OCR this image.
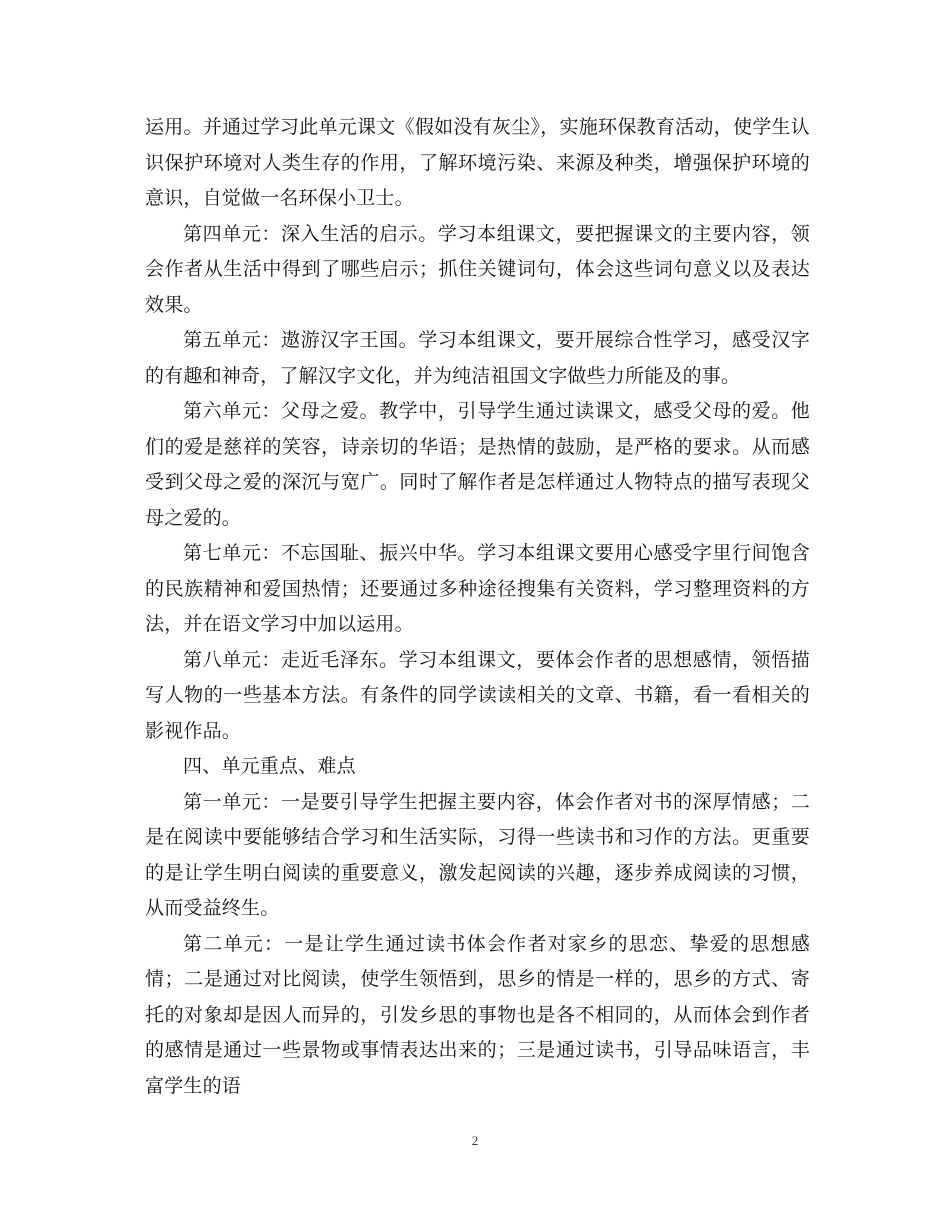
运用。并通过学习此单元课文《假如没有灰尘》，实施环保教育活动，使学生认识保护环境对人类生存的作用，了解环境污染、来源及种类，增强保护环境的意识，自觉做一名环保小卫士。

第四单元：深入生活的启示。学习本组课文，要把握课文的主要内容，领会作者从生活中得到了哪些启示；抓住关键词句，体会这些词句意义以及表达效果。

第五单元：遨游汉字王国。学习本组课文，要开展综合性学习，感受汉字的有趣和神奇，了解汉字文化，并为纯洁祖国文字做些力所能及的事。

第六单元：父母之爱。教学中，引导学生通过读课文，感受父母的爱。他们的爱是慈祥的笑容，诗亲切的华语；是热情的鼓励，是严格的要求。从而感受到父母之爱的深沉与宽广。同时了解作者是怎样通过人物特点的描写表现父母之爱的。

第七单元：不忘国耻、振兴中华。学习本组课文要用心感受字里行间饱含的民族精神和爱国热情；还要通过多种途径搜集有关资料，学习整理资料的方法，并在语文学习中加以运用。

第八单元：走近毛泽东。学习本组课文，要体会作者的思想感情，领悟描写人物的一些基本方法。有条件的同学读读相关的文章、书籍，看一看相关的影视作品。

四、单元重点、难点

第一单元：一是要引导学生把握主要内容，体会作者对书的深厚情感；二是在阅读中要能够结合学习和生活实际，习得一些读书和习作的方法。更重要的是让学生明白阅读的重要意义，激发起阅读的兴趣，逐步养成阅读的习惯，从而受益终生。

第二单元：一是让学生通过读书体会作者对家乡的思恋、挚爱的思想感情；二是通过对比阅读，使学生领悟到，思乡的情是一样的，思乡的方式、寄托的对象却是因人而异的，引发乡思的事物也是各不相同的，从而体会到作者的感情是通过一些景物或事情表达出来的；三是通过读书，引导品味语言，丰富学生的语

2
